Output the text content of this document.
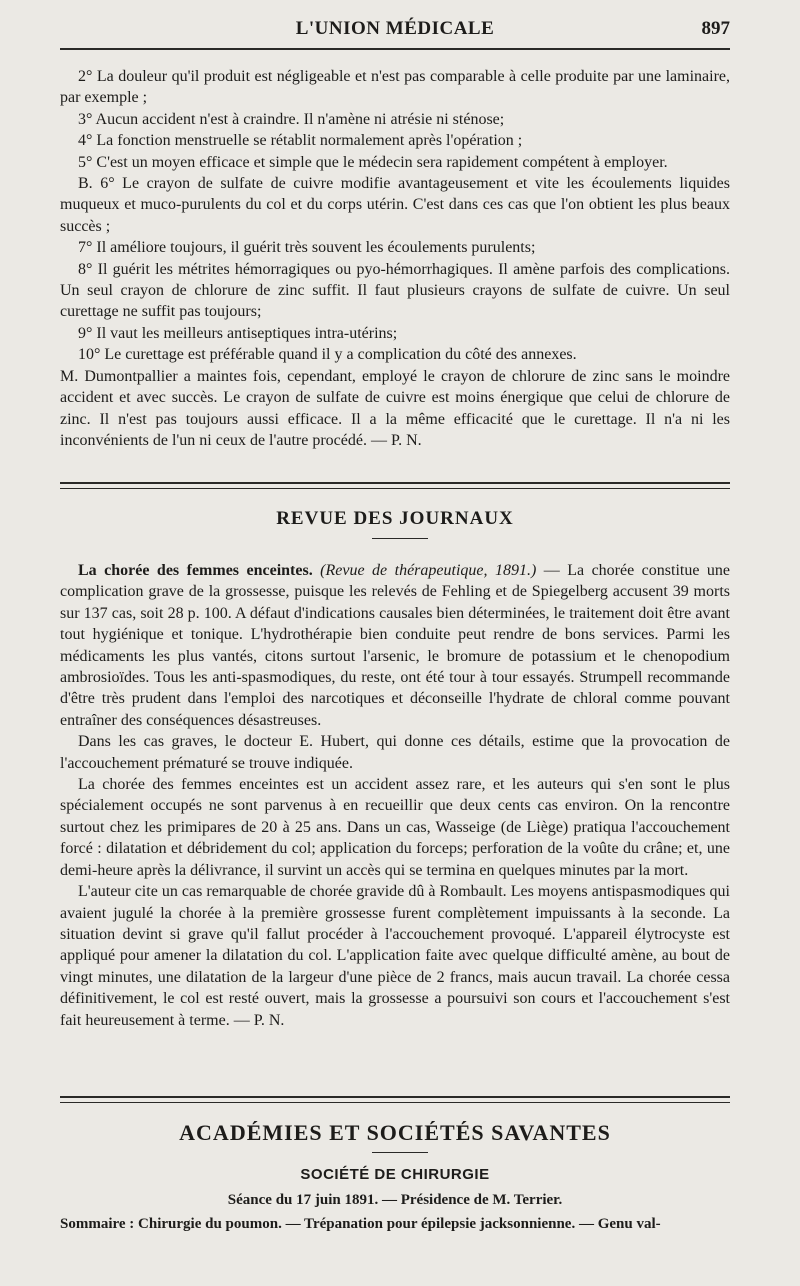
L'UNION MÉDICALE	897

2° La douleur qu'il produit est négligeable et n'est pas comparable à celle produite par une laminaire, par exemple ;

3° Aucun accident n'est à craindre. Il n'amène ni atrésie ni sténose;

4° La fonction menstruelle se rétablit normalement après l'opération ;

5° C'est un moyen efficace et simple que le médecin sera rapidement compétent à employer.

B. 6° Le crayon de sulfate de cuivre modifie avantageusement et vite les écoulements liquides muqueux et muco-purulents du col et du corps utérin. C'est dans ces cas que l'on obtient les plus beaux succès ;

7° Il améliore toujours, il guérit très souvent les écoulements purulents;

8° Il guérit les métrites hémorragiques ou pyo-hémorrhagiques. Il amène parfois des complications. Un seul crayon de chlorure de zinc suffit. Il faut plusieurs crayons de sulfate de cuivre. Un seul curettage ne suffit pas toujours;

9° Il vaut les meilleurs antiseptiques intra-utérins;

10° Le curettage est préférable quand il y a complication du côté des annexes.

M. Dumontpallier a maintes fois, cependant, employé le crayon de chlorure de zinc sans le moindre accident et avec succès. Le crayon de sulfate de cuivre est moins énergique que celui de chlorure de zinc. Il n'est pas toujours aussi efficace. Il a la même efficacité que le curettage. Il n'a ni les inconvénients de l'un ni ceux de l'autre procédé. — P. N.

REVUE DES JOURNAUX

La chorée des femmes enceintes. (Revue de thérapeutique, 1891.) — La chorée constitue une complication grave de la grossesse, puisque les relevés de Fehling et de Spiegelberg accusent 39 morts sur 137 cas, soit 28 p. 100. A défaut d'indications causales bien déterminées, le traitement doit être avant tout hygiénique et tonique. L'hydrothérapie bien conduite peut rendre de bons services. Parmi les médicaments les plus vantés, citons surtout l'arsenic, le bromure de potassium et le chenopodium ambrosioïdes. Tous les anti-spasmodiques, du reste, ont été tour à tour essayés. Strumpell recommande d'être très prudent dans l'emploi des narcotiques et déconseille l'hydrate de chloral comme pouvant entraîner des conséquences désastreuses.

Dans les cas graves, le docteur E. Hubert, qui donne ces détails, estime que la provocation de l'accouchement prématuré se trouve indiquée.

La chorée des femmes enceintes est un accident assez rare, et les auteurs qui s'en sont le plus spécialement occupés ne sont parvenus à en recueillir que deux cents cas environ. On la rencontre surtout chez les primipares de 20 à 25 ans. Dans un cas, Wasseige (de Liège) pratiqua l'accouchement forcé : dilatation et débridement du col; application du forceps; perforation de la voûte du crâne; et, une demi-heure après la délivrance, il survint un accès qui se termina en quelques minutes par la mort.

L'auteur cite un cas remarquable de chorée gravide dû à Rombault. Les moyens antispasmodiques qui avaient jugulé la chorée à la première grossesse furent complètement impuissants à la seconde. La situation devint si grave qu'il fallut procéder à l'accouchement provoqué. L'appareil élytrocyste est appliqué pour amener la dilatation du col. L'application faite avec quelque difficulté amène, au bout de vingt minutes, une dilatation de la largeur d'une pièce de 2 francs, mais aucun travail. La chorée cessa définitivement, le col est resté ouvert, mais la grossesse a poursuivi son cours et l'accouchement s'est fait heureusement à terme. — P. N.

ACADÉMIES ET SOCIÉTÉS SAVANTES
SOCIÉTÉ DE CHIRURGIE
Séance du 17 juin 1891. — Présidence de M. Terrier.
Sommaire : Chirurgie du poumon. — Trépanation pour épilepsie jacksonnienne. — Genu val-
